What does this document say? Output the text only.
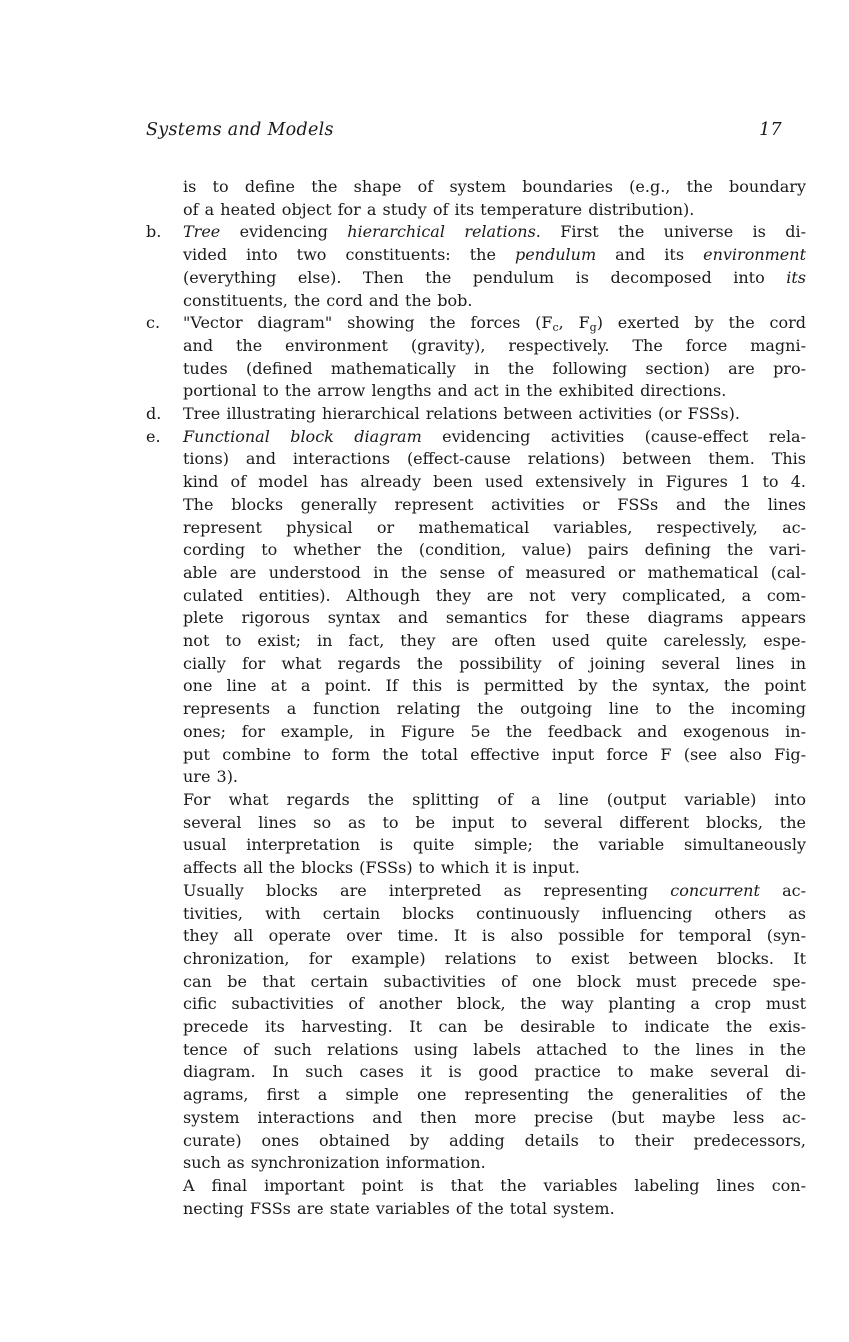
Systems and Models	17
is to define the shape of system boundaries (e.g., the boundary
of a heated object for a study of its temperature distribution).
b. Tree evidencing hierarchical relations. First the universe is di-
vided into two constituents: the pendulum and its environment
(everything else). Then the pendulum is decomposed into its
constituents, the cord and the bob.
c. "Vector diagram" showing the forces ($F_c$, $F_g$) exerted by the cord
and the environment (gravity), respectively. The force magni-
tudes (defined mathematically in the following section) are pro-
portional to the arrow lengths and act in the exhibited directions.
d. Tree illustrating hierarchical relations between activities (or FSSs).
e. Functional block diagram evidencing activities (cause-effect rela-
tions) and interactions (effect-cause relations) between them. This
kind of model has already been used extensively in Figures 1 to 4.
The blocks generally represent activities or FSSs and the lines
represent physical or mathematical variables, respectively, ac-
cording to whether the (condition, value) pairs defining the vari-
able are understood in the sense of measured or mathematical (cal-
culated entities). Although they are not very complicated, a com-
plete rigorous syntax and semantics for these diagrams appears
not to exist; in fact, they are often used quite carelessly, espe-
cially for what regards the possibility of joining several lines in
one line at a point. If this is permitted by the syntax, the point
represents a function relating the outgoing line to the incoming
ones; for example, in Figure 5e the feedback and exogenous in-
put combine to form the total effective input force F (see also Fig-
ure 3).
For what regards the splitting of a line (output variable) into
several lines so as to be input to several different blocks, the
usual interpretation is quite simple; the variable simultaneously
affects all the blocks (FSSs) to which it is input.
Usually blocks are interpreted as representing concurrent ac-
tivities, with certain blocks continuously influencing others as
they all operate over time. It is also possible for temporal (syn-
chronization, for example) relations to exist between blocks. It
can be that certain subactivities of one block must precede spe-
cific subactivities of another block, the way planting a crop must
precede its harvesting. It can be desirable to indicate the exis-
tence of such relations using labels attached to the lines in the
diagram. In such cases it is good practice to make several di-
agrams, first a simple one representing the generalities of the
system interactions and then more precise (but maybe less ac-
curate) ones obtained by adding details to their predecessors,
such as synchronization information.
A final important point is that the variables labeling lines con-
necting FSSs are state variables of the total system.
